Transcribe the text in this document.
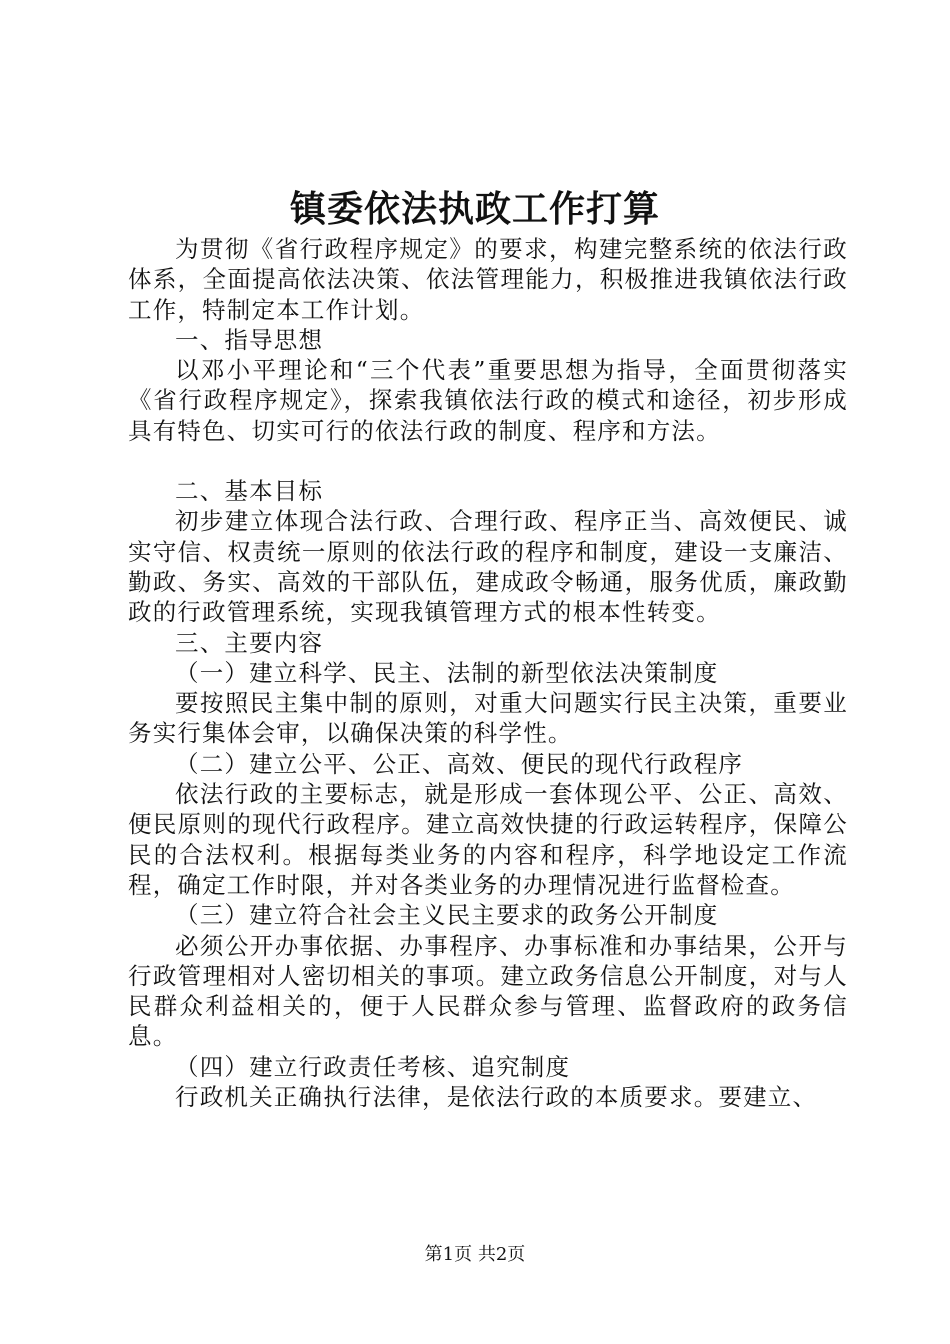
镇委依法执政工作打算

为贯彻《省行政程序规定》的要求，构建完整系统的依法行政体系，全面提高依法决策、依法管理能力，积极推进我镇依法行政工作，特制定本工作计划。

一、指导思想

以邓小平理论和“三个代表”重要思想为指导，全面贯彻落实《省行政程序规定》，探索我镇依法行政的模式和途径，初步形成具有特色、切实可行的依法行政的制度、程序和方法。

二、基本目标

初步建立体现合法行政、合理行政、程序正当、高效便民、诚实守信、权责统一原则的依法行政的程序和制度，建设一支廉洁、勤政、务实、高效的干部队伍，建成政令畅通，服务优质，廉政勤政的行政管理系统，实现我镇管理方式的根本性转变。

三、主要内容

（一）建立科学、民主、法制的新型依法决策制度

要按照民主集中制的原则，对重大问题实行民主决策，重要业务实行集体会审，以确保决策的科学性。

（二）建立公平、公正、高效、便民的现代行政程序

依法行政的主要标志，就是形成一套体现公平、公正、高效、便民原则的现代行政程序。建立高效快捷的行政运转程序，保障公民的合法权利。根据每类业务的内容和程序，科学地设定工作流程，确定工作时限，并对各类业务的办理情况进行监督检查。

（三）建立符合社会主义民主要求的政务公开制度

必须公开办事依据、办事程序、办事标准和办事结果，公开与行政管理相对人密切相关的事项。建立政务信息公开制度，对与人民群众利益相关的，便于人民群众参与管理、监督政府的政务信息。

（四）建立行政责任考核、追究制度

行政机关正确执行法律，是依法行政的本质要求。要建立、

第1页 共2页
